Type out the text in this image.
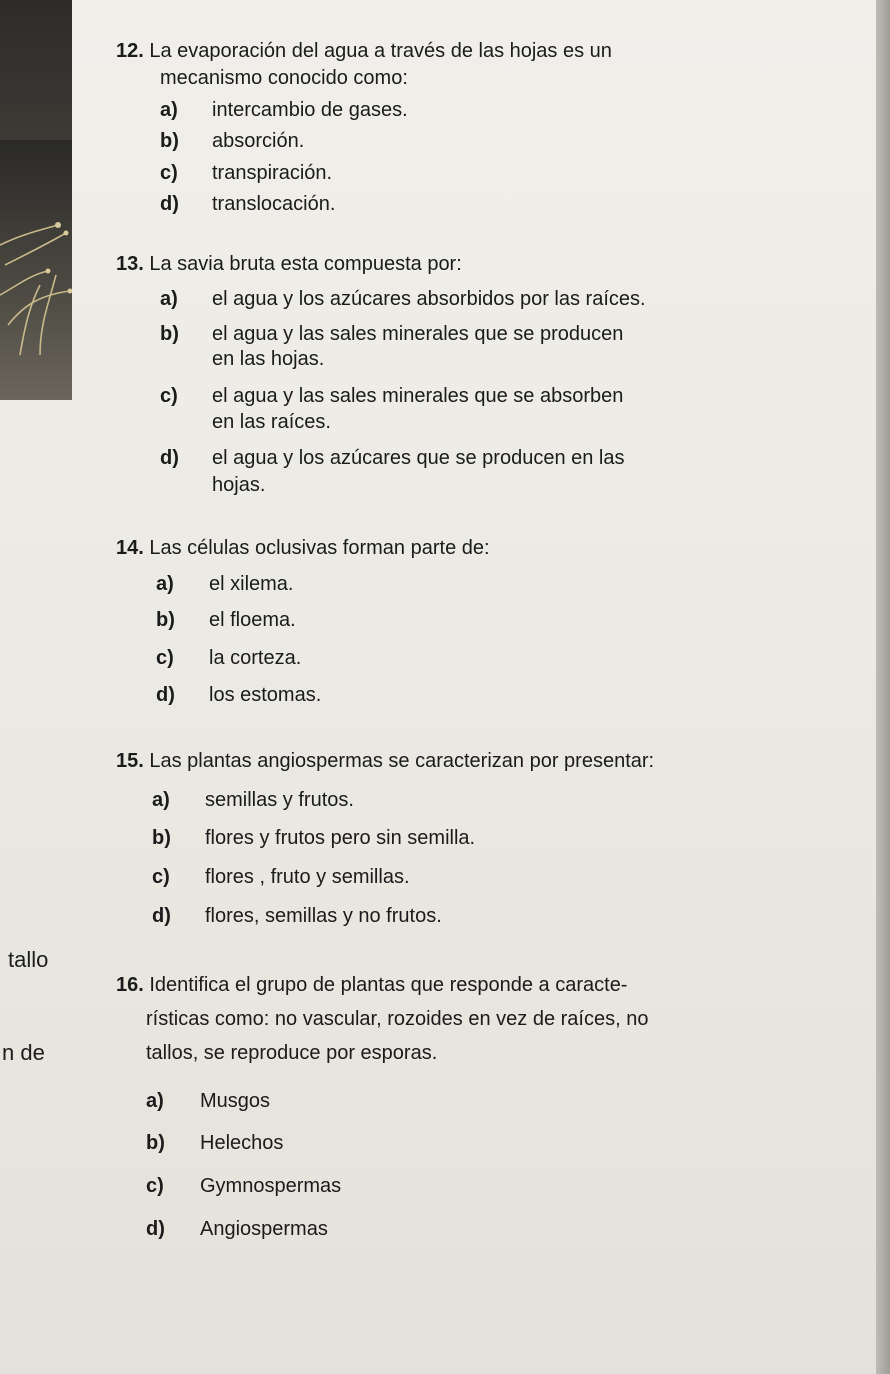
tallo
n de
12. La evaporación del agua a través de las hojas es un
mecanismo conocido como:
a) intercambio de gases.
b) absorción.
c) transpiración.
d) translocación.
13. La savia bruta esta compuesta por:
a) el agua y los azúcares absorbidos por las raíces.
b) el agua y las sales minerales que se producen
en las hojas.
c) el agua y las sales minerales que se absorben
en las raíces.
d) el agua y los azúcares que se producen en las
hojas.
14. Las células oclusivas forman parte de:
a) el xilema.
b) el floema.
c) la corteza.
d) los estomas.
15. Las plantas angiospermas se caracterizan por presentar:
a) semillas y frutos.
b) flores y frutos pero sin semilla.
c) flores , fruto y semillas.
d) flores, semillas y no frutos.
16. Identifica el grupo de plantas que responde a caracte-
rísticas como: no vascular, rozoides en vez de raíces, no
tallos, se reproduce por esporas.
a) Musgos
b) Helechos
c) Gymnospermas
d) Angiospermas
